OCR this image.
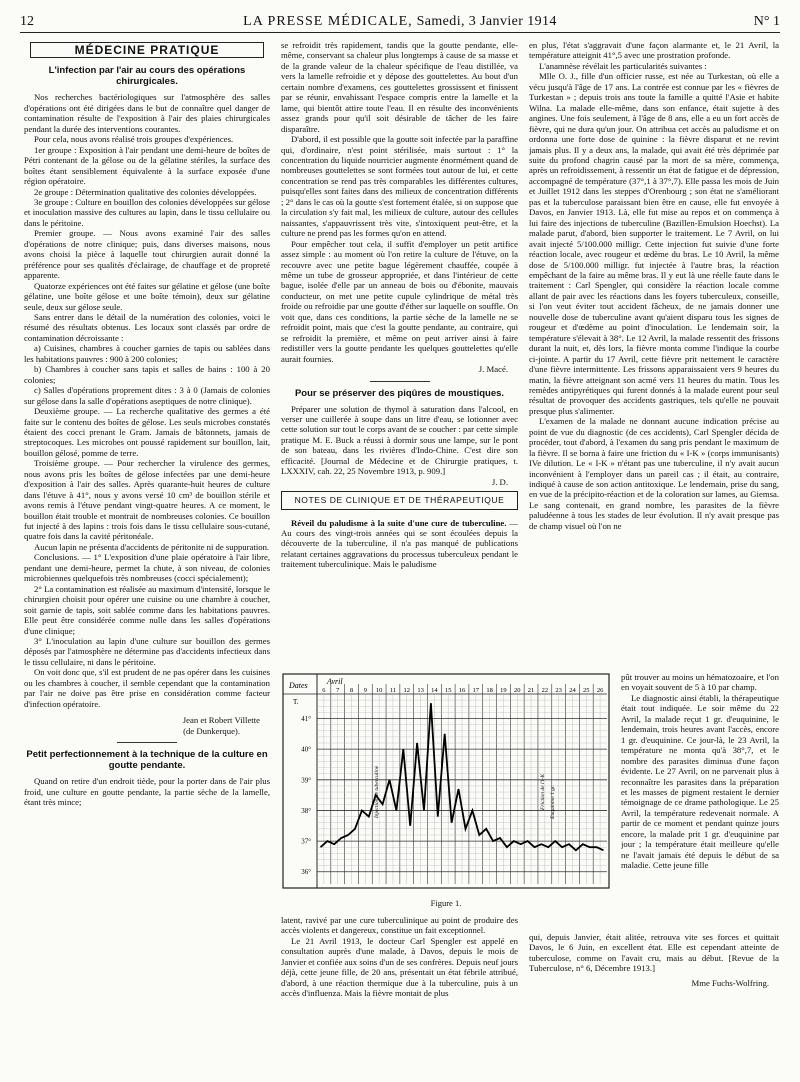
12	LA PRESSE MÉDICALE, Samedi, 3 Janvier 1914	N° 1
MÉDECINE PRATIQUE
L'infection par l'air au cours des opérations chirurgicales.

Nos recherches bactériologiques sur l'atmosphère des salles d'opérations ont été dirigées dans le but de connaître quel danger de contamination résulte de l'exposition à l'air des plaies chirurgicales pendant la durée des interventions courantes.

Pour cela, nous avons réalisé trois groupes d'expériences.

1er groupe : Exposition à l'air pendant une demi-heure de boîtes de Pétri contenant de la gélose ou de la gélatine stériles, la surface des boîtes étant sensiblement équivalente à la surface exposée d'une région opératoire.

2e groupe : Détermination qualitative des colonies développées.

3e groupe : Culture en bouillon des colonies développées sur gélose et inoculation massive des cultures au lapin, dans le tissu cellulaire ou dans le péritoine.

Premier groupe. — Nous avons examiné l'air des salles d'opérations de notre clinique; puis, dans diverses maisons, nous avons choisi la pièce à laquelle tout chirurgien aurait donné la préférence pour ses qualités d'éclairage, de chauffage et de propreté apparente.

Quatorze expériences ont été faites sur gélatine et gélose (une boîte gélatine, une boîte gélose et une boîte témoin), deux sur gélatine seule, deux sur gélose seule.

Sans entrer dans le détail de la numération des colonies, voici le résumé des résultats obtenus. Les locaux sont classés par ordre de contamination décroissante :

a) Cuisines, chambres à coucher garnies de tapis ou sablées dans les habitations pauvres : 900 à 200 colonies;

b) Chambres à coucher sans tapis et salles de bains : 100 à 20 colonies;

c) Salles d'opérations proprement dites : 3 à 0 (Jamais de colonies sur gélose dans la salle d'opérations aseptiques de notre clinique).

Deuxième groupe. — La recherche qualitative des germes a été faite sur le contenu des boîtes de gélose. Les seuls microbes constatés étaient des cocci prenant le Gram. Jamais de bâtonnets, jamais de streptocoques. Les microbes ont poussé rapidement sur bouillon, lait, bouillon gélosé, pomme de terre.

Troisième groupe. — Pour rechercher la virulence des germes, nous avons pris les boîtes de gélose infectées par une demi-heure d'exposition à l'air des salles. Après quarante-huit heures de culture dans l'étuve à 41°, nous y avons versé 10 cm³ de bouillon stérile et avons remis à l'étuve pendant vingt-quatre heures. A ce moment, le bouillon était trouble et montrait de nombreuses colonies. Ce bouillon fut injecté à des lapins : trois fois dans le tissu cellulaire sous-cutané, quatre fois dans la cavité péritonéale.

Aucun lapin ne présenta d'accidents de péritonite ni de suppuration.

Conclusions. — 1° L'exposition d'une plaie opératoire à l'air libre, pendant une demi-heure, permet la chute, à son niveau, de colonies microbiennes quelquefois très nombreuses (cocci spécialement);

2° La contamination est réalisée au maximum d'intensité, lorsque le chirurgien choisit pour opérer une cuisine ou une chambre à coucher, soit garnie de tapis, soit sablée comme dans les habitations pauvres. Elle peut être considérée comme nulle dans les salles d'opérations d'une clinique;

3° L'inoculation au lapin d'une culture sur bouillon des germes déposés par l'atmosphère ne détermine pas d'accidents infectieux dans le tissu cellulaire, ni dans le péritoine.

On voit donc que, s'il est prudent de ne pas opérer dans les cuisines ou les chambres à coucher, il semble cependant que la contamination par l'air ne doive pas être prise en considération comme facteur d'infection opératoire.

Jean et Robert Villette
(de Dunkerque).
Petit perfectionnement à la technique de la culture en goutte pendante.

Quand on retire d'un endroit tiède, pour la porter dans de l'air plus froid, une culture en goutte pendante, la partie sèche de la lamelle, étant très mince;

se refroidit très rapidement, tandis que la goutte pendante, elle-même, conservant sa chaleur plus longtemps à cause de sa masse et de la grande valeur de la chaleur spécifique de l'eau distillée, va vers la lamelle refroidie et y dépose des gouttelettes. Au bout d'un certain nombre d'examens, ces gouttelettes grossissent et finissent par se réunir, envahissant l'espace compris entre la lamelle et la lame, qui bientôt attire toute l'eau. Il en résulte des inconvénients assez grands pour qu'il soit désirable de tâcher de les faire disparaître.

D'abord, il est possible que la goutte soit infectée par la paraffine qui, d'ordinaire, n'est point stérilisée, mais surtout : 1° la concentration du liquide nourricier augmente énormément quand de nombreuses gouttelettes se sont formées tout autour de lui, et cette concentration se rend pas très comparables les différentes cultures, puisqu'elles sont faites dans des milieux de concentration différents ; 2° dans le cas où la goutte s'est fortement étalée, si on suppose que la circulation s'y fait mal, les milieux de culture, autour des cellules naissantes, s'appauvrissent très vite, s'intoxiquent peut-être, et la culture ne prend pas les formes qu'on en attend.

Pour empêcher tout cela, il suffit d'employer un petit artifice assez simple : au moment où l'on retire la culture de l'étuve, on la recouvre avec une petite bague légèrement chauffée, coupée à même un tube de grosseur appropriée, et dans l'intérieur de cette bague, isolée d'elle par un anneau de bois ou d'ébonite, mauvais conducteur, on met une petite cupule cylindrique de métal très froide ou refroidie par une goutte d'éther sur laquelle on souffle. On voit que, dans ces conditions, la partie sèche de la lamelle ne se refroidit point, mais que c'est la goutte pendante, au contraire, qui se refroidit la première, et même on peut arriver ainsi à faire redistiller vers la goutte pendante les quelques gouttelettes qu'elle aurait fournies.

J. Macé.
Pour se préserver des piqûres de moustiques.

Préparer une solution de thymol à saturation dans l'alcool, en verser une cuillerée à soupe dans un litre d'eau, se lotionner avec cette solution sur tout le corps avant de se coucher : par cette simple pratique M. E. Buck a réussi à dormir sous une lampe, sur le pont de son bateau, dans les rivières d'Indo-Chine. C'est dire son efficacité. [Journal de Médecine et de Chirurgie pratiques, t. LXXXIV, cah. 22, 25 Novembre 1913, p. 909.]

J. D.
NOTES DE CLINIQUE ET DE THÉRAPEUTIQUE

Réveil du paludisme à la suite d'une cure de tuberculine. — Au cours des vingt-trois années qui se sont écoulées depuis la découverte de la tuberculine, il n'a pas manqué de publications relatant certaines aggravations du processus tuberculeux pendant le traitement tuberculinique. Mais le paludisme

en plus, l'état s'aggravait d'une façon alarmante et, le 21 Avril, la température atteignit 41°,5 avec une prostration profonde.

L'anamnèse révélait les particularités suivantes :

Mlle O. J., fille d'un officier russe, est née au Turkestan, où elle a vécu jusqu'à l'âge de 17 ans. La contrée est connue par les « fièvres de Turkestan » ; depuis trois ans toute la famille a quitté l'Asie et habite Wilna. La malade elle-même, dans son enfance, était sujette à des angines. Une fois seulement, à l'âge de 8 ans, elle a eu un fort accès de fièvre, qui ne dura qu'un jour. On attribua cet accès au paludisme et on ordonna une forte dose de quinine : la fièvre disparut et ne revint jamais plus. Il y a deux ans, la malade, qui avait été très déprimée par suite du profond chagrin causé par la mort de sa mère, commença, après un refroidissement, à ressentir un état de fatigue et de dépression, accompagné de température (37°,1 à 37°,7). Elle passa les mois de Juin et Juillet 1912 dans les steppes d'Orenbourg ; son état ne s'améliorant pas et la tuberculose paraissant bien être en cause, elle fut envoyée à Davos, en Janvier 1913. Là, elle fut mise au repos et on commença à lui faire des injections de tuberculine (Bazillen-Emulsion Hoechst). La malade parut, d'abord, bien supporter le traitement. Le 7 Avril, on lui avait injecté 5/100.000 milligr. Cette injection fut suivie d'une forte réaction locale, avec rougeur et œdème du bras. Le 10 Avril, la même dose de 5/100.000 milligr. fut injectée à l'autre bras, la réaction empêchant de la faire au même bras. Il y eut là une réelle faute dans le traitement : Carl Spengler, qui considère la réaction locale comme allant de pair avec les réactions dans les foyers tuberculeux, conseille, si l'on veut éviter tout accident fâcheux, de ne jamais donner une nouvelle dose de tuberculine avant qu'aient disparu tous les signes de rougeur et d'œdème au point d'inoculation. Le lendemain soir, la température s'élevait à 38°. Le 12 Avril, la malade ressentit des frissons durant la nuit, et, dès lors, la fièvre monta comme l'indique la courbe ci-jointe. A partir du 17 Avril, cette fièvre prit nettement le caractère d'une fièvre intermittente. Les frissons apparaissaient vers 9 heures du matin, la fièvre atteignant son acmé vers 11 heures du matin. Tous les remèdes antipyrétiques qui furent donnés à la malade eurent pour seul résultat de provoquer des accidents gastriques, tels qu'elle ne pouvait presque plus s'alimenter.

L'examen de la malade ne donnant aucune indication précise au point de vue du diagnostic (de ces accidents), Carl Spengler décida de procéder, tout d'abord, à l'examen du sang pris pendant le maximum de la fièvre. Il se borna à faire une friction du « I-K » (corps immunisants) IVe dilution. Le « I-K » n'étant pas une tuberculine, il n'y avait aucun inconvénient à l'employer dans un pareil cas ; il était, au contraire, indiqué à cause de son action antitoxique. Le lendemain, prise du sang, en vue de la précipito-réaction et de la coloration sur lames, au Giemsa. Le sang contenait, en grand nombre, les parasites de la fièvre paludéenne à tous les stades de leur évolution. Il n'y avait presque pas de champ visuel où l'on ne

Dates Avril
T.
6 7 8 9 10 11 12 13 14 15 16 17 18 19 20 21 22 23 24 25 26
36°
37°
38°
39°
40°
41°
Injection de tuberculine	Friction de l'I-K Euquinine 1 gr.
Figure 1.

pût trouver au moins un hématozoaire, et l'on en voyait souvent de 5 à 10 par champ.

Le diagnostic ainsi établi, la thérapeutique était tout indiquée. Le soir même du 22 Avril, la malade reçut 1 gr. d'euquinine, le lendemain, trois heures avant l'accès, encore 1 gr. d'euquinine. Ce jour-là, le 23 Avril, la température ne monta qu'à 38°,7, et le nombre des parasites diminua d'une façon évidente. Le 27 Avril, on ne parvenait plus à reconnaître les parasites dans la préparation et les masses de pigment restaient le dernier témoignage de ce drame pathologique. Le 25 Avril, la température redevenait normale. A partir de ce moment et pendant quinze jours encore, la malade prit 1 gr. d'euquinine par jour ; la température était meilleure qu'elle ne l'avait jamais été depuis le début de sa maladie. Cette jeune fille

latent, ravivé par une cure tuberculinique au point de produire des accès violents et dangereux, constitue un fait exceptionnel.

Le 21 Avril 1913, le docteur Carl Spengler est appelé en consultation auprès d'une malade, à Davos, depuis le mois de Janvier et confiée aux soins d'un de ses confrères. Depuis neuf jours déjà, cette jeune fille, de 20 ans, présentait un état fébrile attribué, d'abord, à une réaction thermique due à la tuberculine, puis à un accès d'influenza. Mais la fièvre montait de plus

qui, depuis Janvier, était alitée, retrouva vite ses forces et quittait Davos, le 6 Juin, en excellent état. Elle est cependant atteinte de tuberculose, comme on l'avait cru, mais au début. [Revue de la Tuberculose, n° 6, Décembre 1913.]

Mme Fuchs-Wolfring.
